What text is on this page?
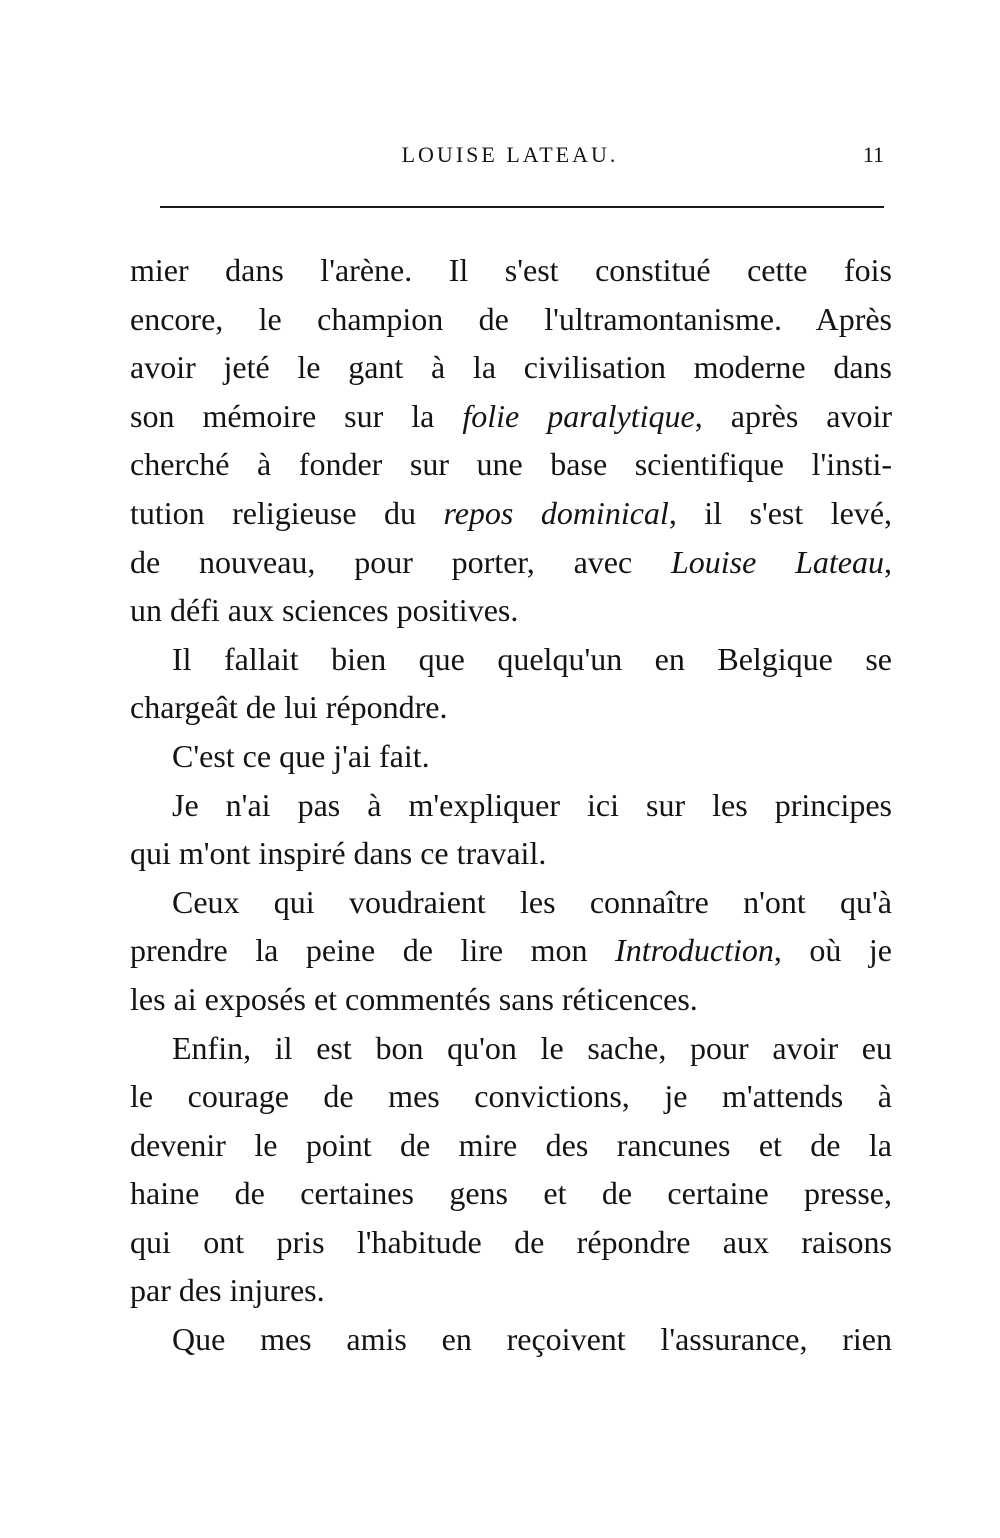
LOUISE LATEAU.	11
mier dans l'arène. Il s'est constitué cette fois
encore, le champion de l'ultramontanisme. Après
avoir jeté le gant à la civilisation moderne dans
son mémoire sur la folie paralytique, après avoir
cherché à fonder sur une base scientifique l'insti-
tution religieuse du repos dominical, il s'est levé,
de nouveau, pour porter, avec Louise Lateau,
un défi aux sciences positives.
Il fallait bien que quelqu'un en Belgique se
chargeât de lui répondre.
C'est ce que j'ai fait.
Je n'ai pas à m'expliquer ici sur les principes
qui m'ont inspiré dans ce travail.
Ceux qui voudraient les connaître n'ont qu'à
prendre la peine de lire mon Introduction, où je
les ai exposés et commentés sans réticences.
Enfin, il est bon qu'on le sache, pour avoir eu
le courage de mes convictions, je m'attends à
devenir le point de mire des rancunes et de la
haine de certaines gens et de certaine presse,
qui ont pris l'habitude de répondre aux raisons
par des injures.
Que mes amis en reçoivent l'assurance, rien
